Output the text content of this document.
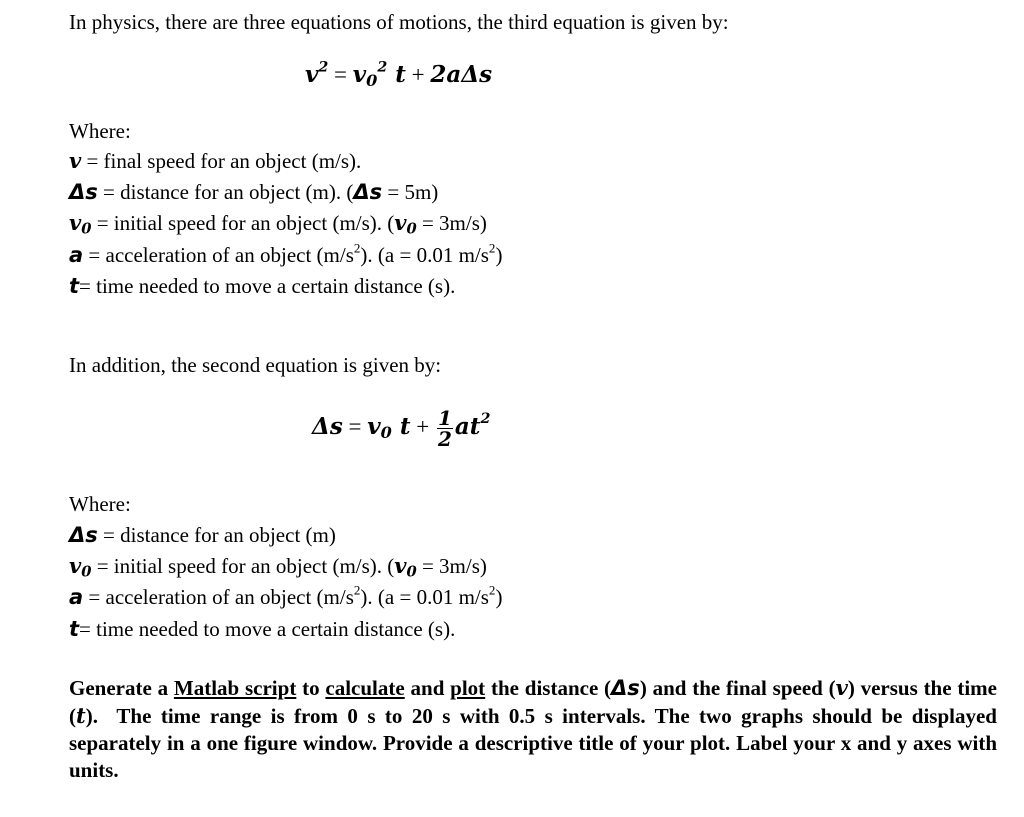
In physics, there are three equations of motions, the third equation is given by:
$v^2 = v_0^2$ t + 2aΔs
Where:
v = final speed for an object (m/s).
Δs = distance for an object (m). (Δs = 5m)
$v_0$ = initial speed for an object (m/s). $(v_0 = 3m/s)$
a = acceleration of an object $(m/s^2)$. (a = 0.01 $m/s^2$)
t= time needed to move a certain distance (s).
In addition, the second equation is given by:
$\Delta s = v_0$ $t + \frac{1}{2} at^2$
Where:
Δs = distance for an object (m)
$v_0$ = initial speed for an object (m/s). $(v_0 = 3m/s)$
a = acceleration of an object $(m/s^2)$. (a = 0.01 $m/s^2$)
t= time needed to move a certain distance (s).
Generate a Matlab script to calculate and plot the distance (Δs) and the final speed (v) versus the time (t).  The time range is from 0 s to 20 s with 0.5 s intervals. The two graphs should be displayed separately in a one figure window. Provide a descriptive title of your plot. Label your x and y axes with units.
